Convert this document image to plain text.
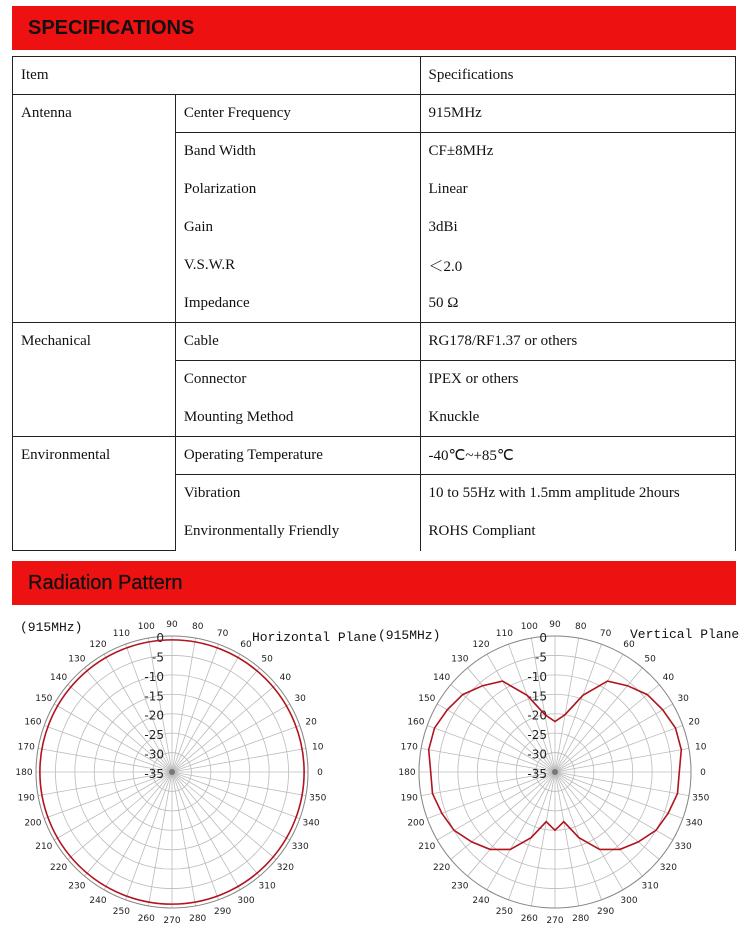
SPECIFICATIONS
Item		Specifications
Antenna	Center Frequency	915MHz
	Band Width	CF±8MHz
	Polarization	Linear
	Gain	3dBi
	V.S.W.R	＜2.0
	Impedance	50 Ω
Mechanical	Cable	RG178/RF1.37 or others
	Connector	IPEX or others
	Mounting Method	Knuckle
Environmental	Operating Temperature	-40℃~+85℃
	Vibration	10 to 55Hz with 1.5mm amplitude 2hours
	Environmentally Friendly	ROHS Compliant
Radiation Pattern
(915MHz)
Horizontal Plane (915MHz)	Vertical Plane
0
10
20
30
40
50
60
70
80
90
100
110
120
130
140
150
160
170
180
190
200
210
220
230
240
250
260 270 280
290
300
310
320
330
340
350
0
-5
-10
-15
-20
-25
-30
-35	0
10
20
30
40
50
60
70
80
90
100
110
120
130
140
150
160
170
180
190
200
210
220
230
240
250
260 270 280
290
300
310
320
330
340
350
0
-5
-10
-15
-20
-25
-30
-35
